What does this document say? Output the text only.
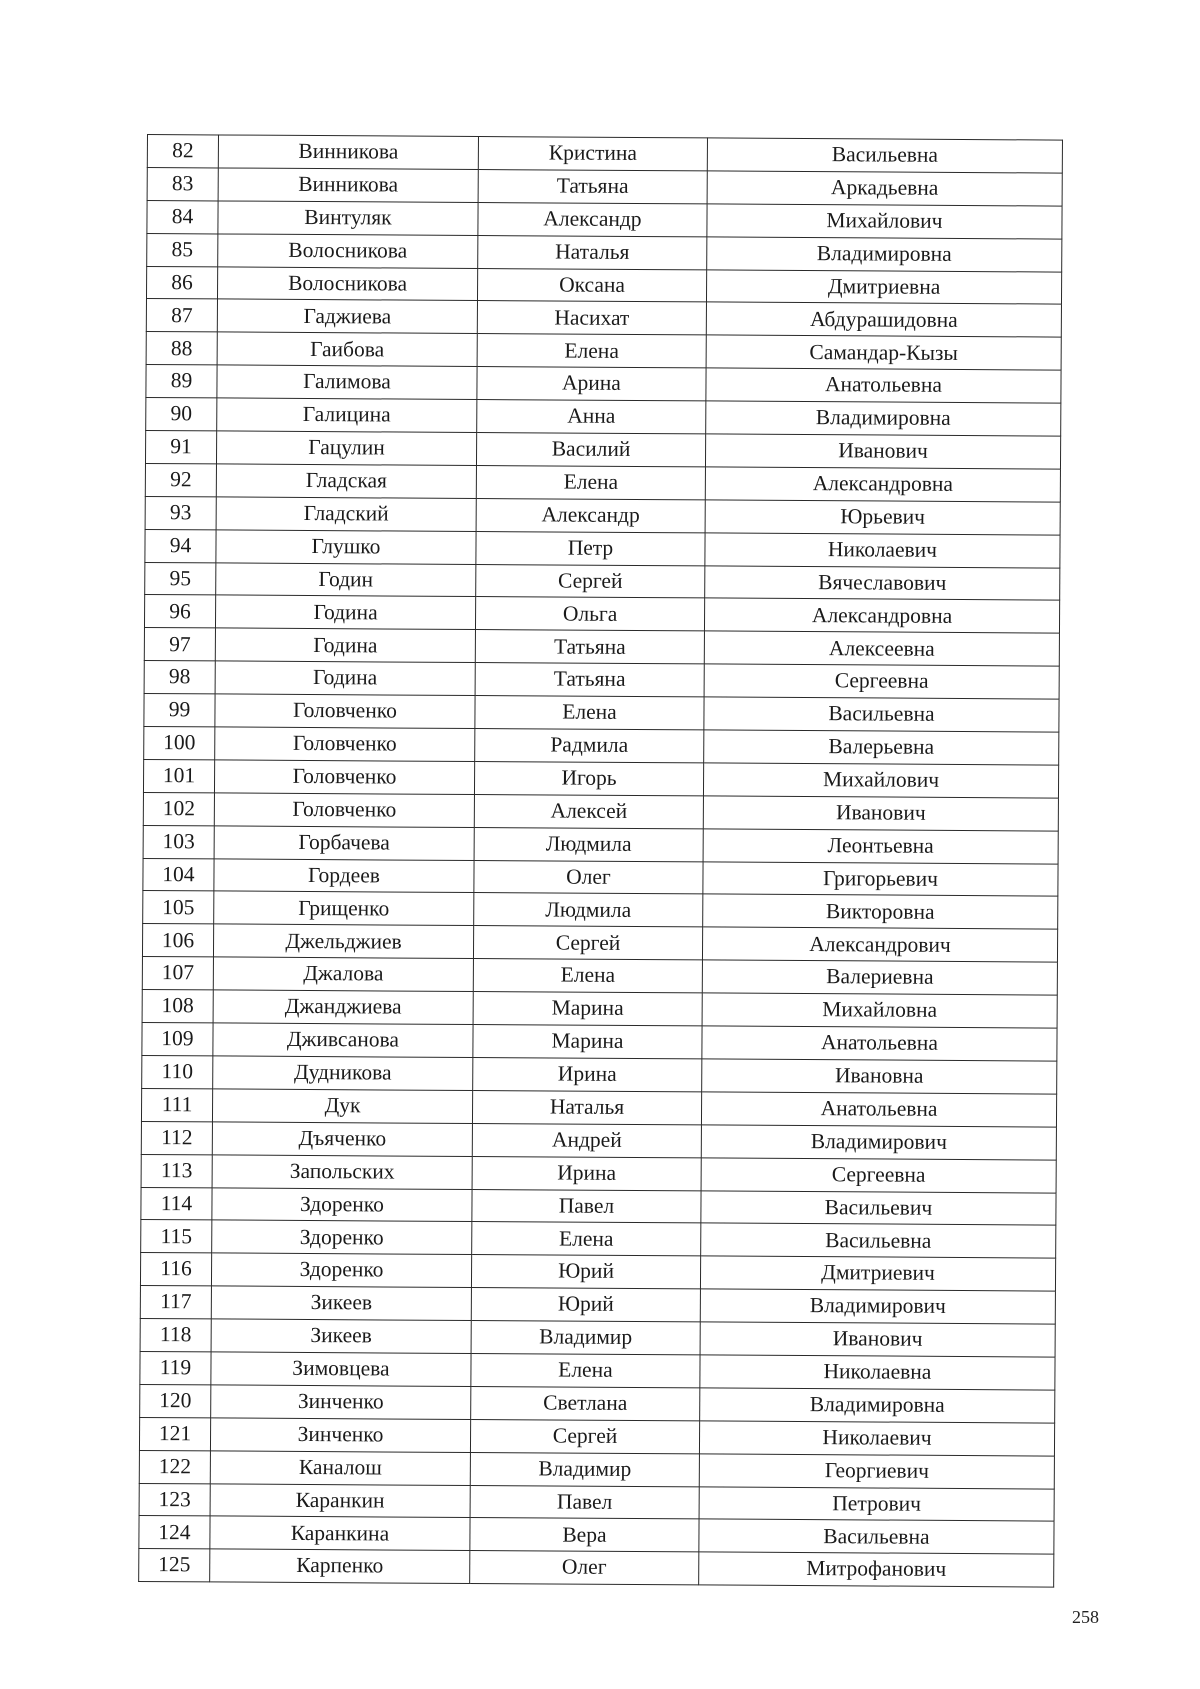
82	Винникова	Кристина	Васильевна
83	Винникова	Татьяна	Аркадьевна
84	Винтуляк	Александр	Михайлович
85	Волосникова	Наталья	Владимировна
86	Волосникова	Оксана	Дмитриевна
87	Гаджиева	Насихат	Абдурашидовна
88	Гаибова	Елена	Самандар-Кызы
89	Галимова	Арина	Анатольевна
90	Галицина	Анна	Владимировна
91	Гацулин	Василий	Иванович
92	Гладская	Елена	Александровна
93	Гладский	Александр	Юрьевич
94	Глушко	Петр	Николаевич
95	Годин	Сергей	Вячеславович
96	Година	Ольга	Александровна
97	Година	Татьяна	Алексеевна
98	Година	Татьяна	Сергеевна
99	Головченко	Елена	Васильевна
100	Головченко	Радмила	Валерьевна
101	Головченко	Игорь	Михайлович
102	Головченко	Алексей	Иванович
103	Горбачева	Людмила	Леонтьевна
104	Гордеев	Олег	Григорьевич
105	Грищенко	Людмила	Викторовна
106	Джельджиев	Сергей	Александрович
107	Джалова	Елена	Валериевна
108	Джанджиева	Марина	Михайловна
109	Дживсанова	Марина	Анатольевна
110	Дудникова	Ирина	Ивановна
111	Дук	Наталья	Анатольевна
112	Дъяченко	Андрей	Владимирович
113	Запольских	Ирина	Сергеевна
114	Здоренко	Павел	Васильевич
115	Здоренко	Елена	Васильевна
116	Здоренко	Юрий	Дмитриевич
117	Зикеев	Юрий	Владимирович
118	Зикеев	Владимир	Иванович
119	Зимовцева	Елена	Николаевна
120	Зинченко	Светлана	Владимировна
121	Зинченко	Сергей	Николаевич
122	Каналош	Владимир	Георгиевич
123	Каранкин	Павел	Петрович
124	Каранкина	Вера	Васильевна
125	Карпенко	Олег	Митрофанович
258
